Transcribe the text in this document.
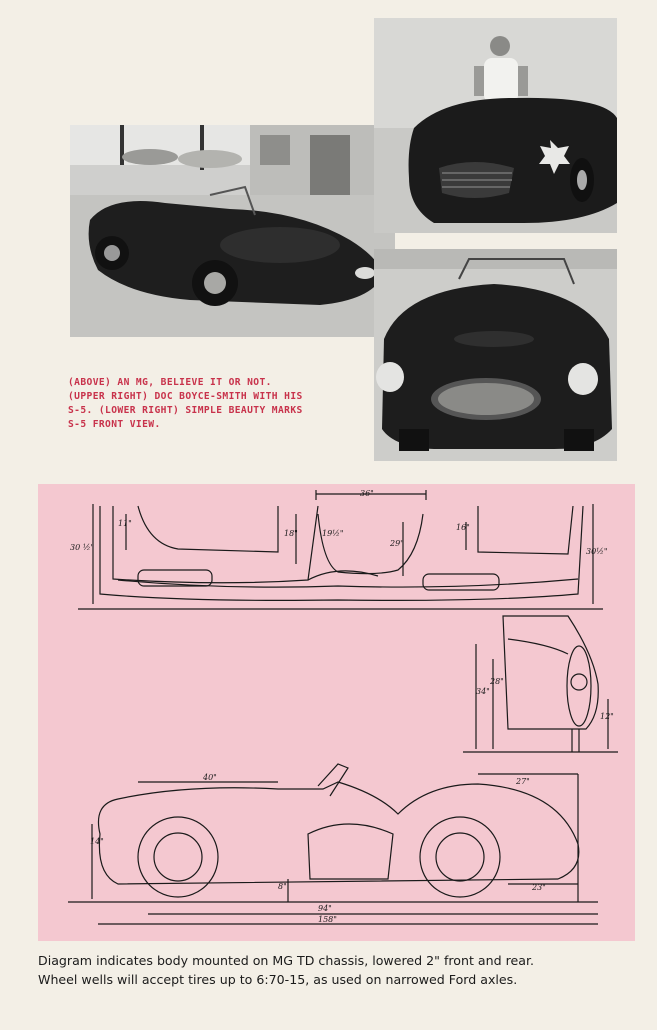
(ABOVE) AN MG, BELIEVE IT OR NOT.
(UPPER RIGHT) DOC BOYCE-SMITH WITH HIS
S-5. (LOWER RIGHT) SIMPLE BEAUTY MARKS
S-5 FRONT VIEW.
36"
11"
18"	19½"
29"
16"
30 ½"	30½"
34"
28"
12"
40"	27"
14"
8"	23"
94"
158"
Diagram indicates body mounted on MG TD chassis, lowered 2" front and rear.
Wheel wells will accept tires up to 6:70-15, as used on narrowed Ford axles.
